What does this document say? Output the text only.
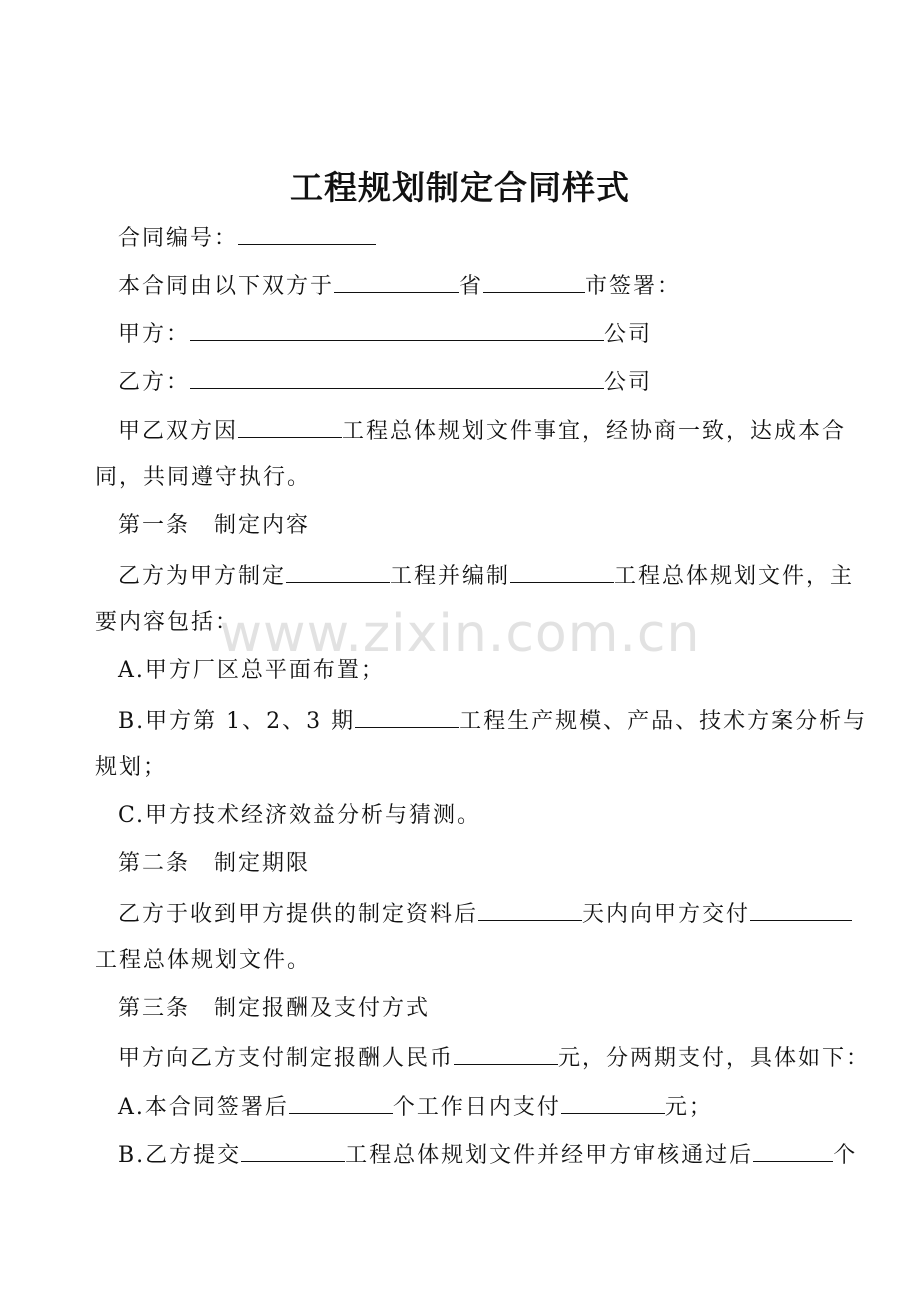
工程规划制定合同样式
合同编号：
本合同由以下双方于	省	市签署：
甲方：	公司
乙方：	公司
甲乙双方因	工程总体规划文件事宜，经协商一致，达成本合
同，共同遵守执行。
第一条　制定内容
乙方为甲方制定	工程并编制	工程总体规划文件，主
要内容包括：
A.甲方厂区总平面布置；
B.甲方第 1、2、3 期	工程生产规模、产品、技术方案分析与
规划；
C.甲方技术经济效益分析与猜测。
第二条　制定期限
乙方于收到甲方提供的制定资料后	天内向甲方交付
工程总体规划文件。
第三条　制定报酬及支付方式
甲方向乙方支付制定报酬人民币	元，分两期支付，具体如下：
A.本合同签署后	个工作日内支付	元；
B.乙方提交	工程总体规划文件并经甲方审核通过后	个
www.zixin.com.cn
